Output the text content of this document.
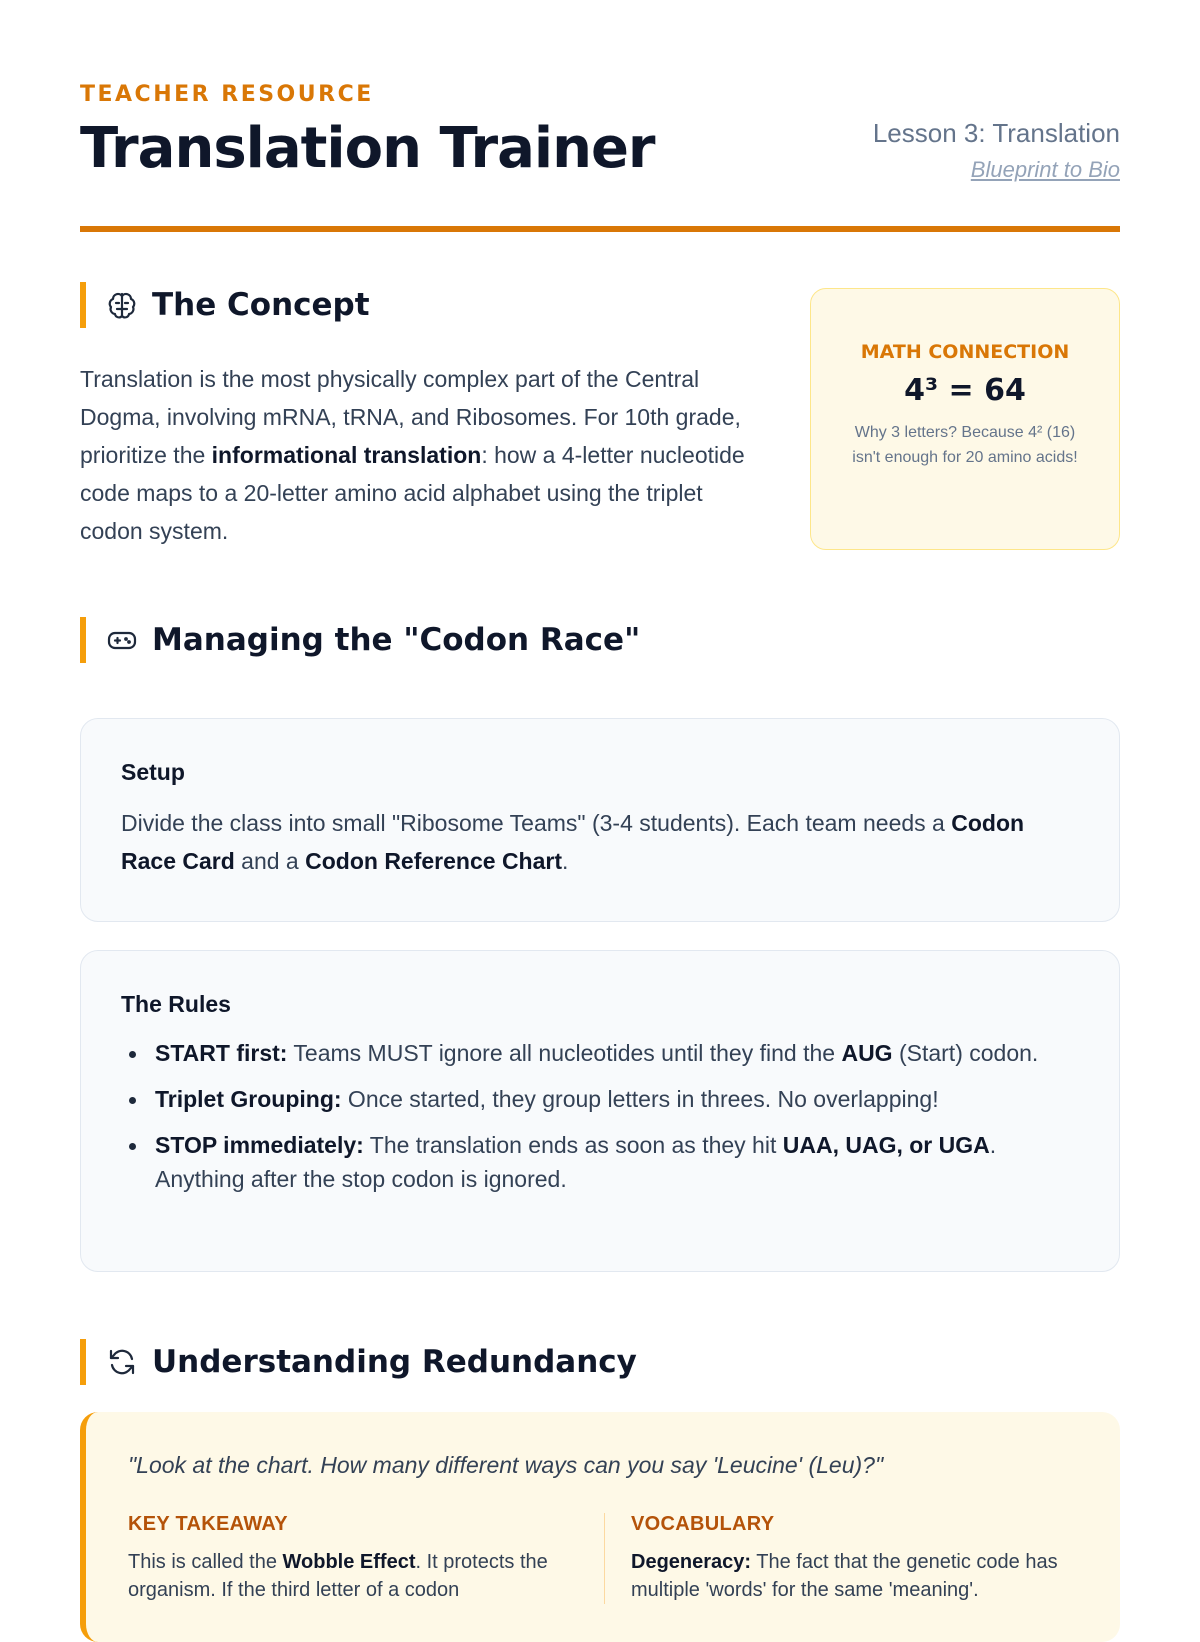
TEACHER RESOURCE
Translation Trainer	Lesson 3: Translation
Blueprint to Bio
The Concept

Translation is the most physically complex part of the Central Dogma, involving mRNA, tRNA, and Ribosomes. For 10th grade, prioritize the informational translation: how a 4-letter nucleotide code maps to a 20-letter amino acid alphabet using the triplet codon system.

MATH CONNECTION
4³ = 64
Why 3 letters? Because 4² (16) isn't enough for 20 amino acids!
Managing the "Codon Race"
Setup

Divide the class into small "Ribosome Teams" (3-4 students). Each team needs a Codon Race Card and a Codon Reference Chart.

The Rules
START first: Teams MUST ignore all nucleotides until they find the AUG (Start) codon.
Triplet Grouping: Once started, they group letters in threes. No overlapping!
STOP immediately: The translation ends as soon as they hit UAA, UAG, or UGA. Anything after the stop codon is ignored.
Understanding Redundancy

"Look at the chart. How many different ways can you say 'Leucine' (Leu)?"

KEY TAKEAWAY

This is called the Wobble Effect. It protects the organism. If the third letter of a codon

VOCABULARY

Degeneracy: The fact that the genetic code has multiple 'words' for the same 'meaning'.
